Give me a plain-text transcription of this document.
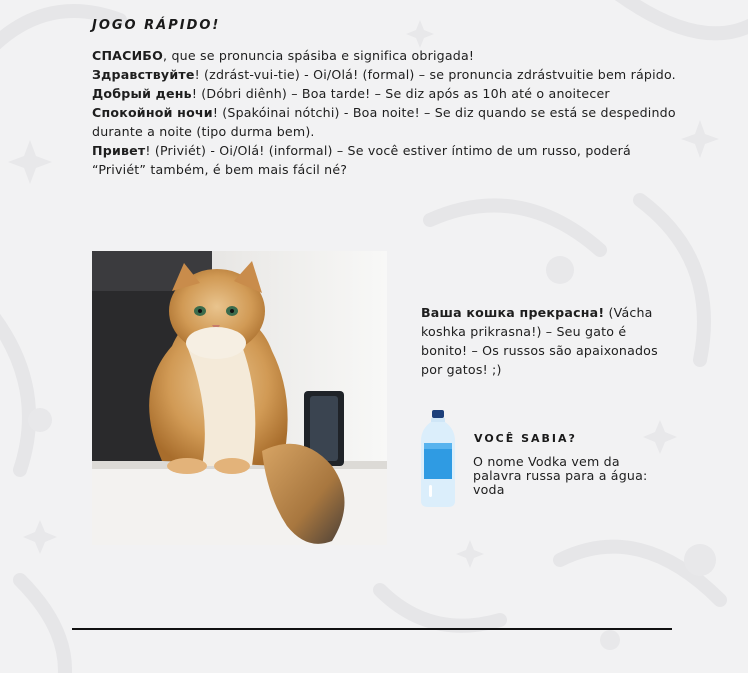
JOGO RÁPIDO!

СПАСИБО, que se pronuncia spásiba e significa obrigada!

Здравствуйте! (zdrást-vui-tie) - Oi/Olá! (formal) – se pronuncia zdrástvuitie bem rápido.

Добрый день! (Dóbri diênh) – Boa tarde! – Se diz após as 10h até o anoitecer

Спокойной ночи! (Spakóinai nótchi) - Boa noite! – Se diz quando se está se despedindo durante a noite (tipo durma bem).

Привет! (Priviét) - Oi/Olá! (informal) – Se você estiver íntimo de um russo, poderá “Priviét” também, é bem mais fácil né?

Ваша кошка прекрасна! (Vácha koshka prikrasna!) – Seu gato é bonito! – Os russos são apaixonados por gatos! ;)
VOCÊ SABIA?
O nome Vodka vem da palavra russa para a água: voda
